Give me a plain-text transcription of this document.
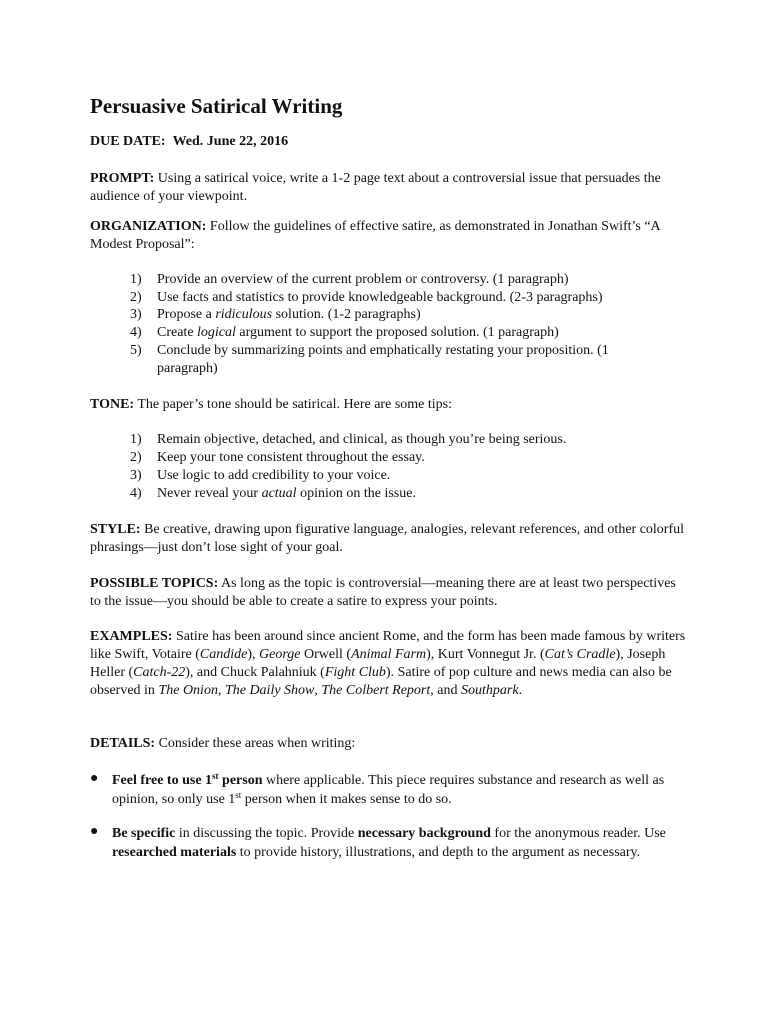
Persuasive Satirical Writing
DUE DATE: Wed. June 22, 2016
PROMPT: Using a satirical voice, write a 1-2 page text about a controversial issue that persuades the audience of your viewpoint.
ORGANIZATION: Follow the guidelines of effective satire, as demonstrated in Jonathan Swift’s “A Modest Proposal”:
1)	Provide an overview of the current problem or controversy. (1 paragraph)
2)	Use facts and statistics to provide knowledgeable background. (2-3 paragraphs)
3)	Propose a ridiculous solution. (1-2 paragraphs)
4)	Create logical argument to support the proposed solution. (1 paragraph)
5)	Conclude by summarizing points and emphatically restating your proposition. (1 paragraph)
TONE: The paper’s tone should be satirical. Here are some tips:
1)	Remain objective, detached, and clinical, as though you’re being serious.
2)	Keep your tone consistent throughout the essay.
3)	Use logic to add credibility to your voice.
4)	Never reveal your actual opinion on the issue.
STYLE: Be creative, drawing upon figurative language, analogies, relevant references, and other colorful phrasings—just don’t lose sight of your goal.
POSSIBLE TOPICS: As long as the topic is controversial—meaning there are at least two perspectives to the issue—you should be able to create a satire to express your points.
EXAMPLES: Satire has been around since ancient Rome, and the form has been made famous by writers like Swift, Votaire (Candide), George Orwell (Animal Farm), Kurt Vonnegut Jr. (Cat’s Cradle), Joseph Heller (Catch-22), and Chuck Palahniuk (Fight Club). Satire of pop culture and news media can also be observed in The Onion, The Daily Show, The Colbert Report, and Southpark.
DETAILS: Consider these areas when writing:
● Feel free to use 1st person where applicable. This piece requires substance and research as well as opinion, so only use 1st person when it makes sense to do so.
● Be specific in discussing the topic. Provide necessary background for the anonymous reader. Use researched materials to provide history, illustrations, and depth to the argument as necessary.
